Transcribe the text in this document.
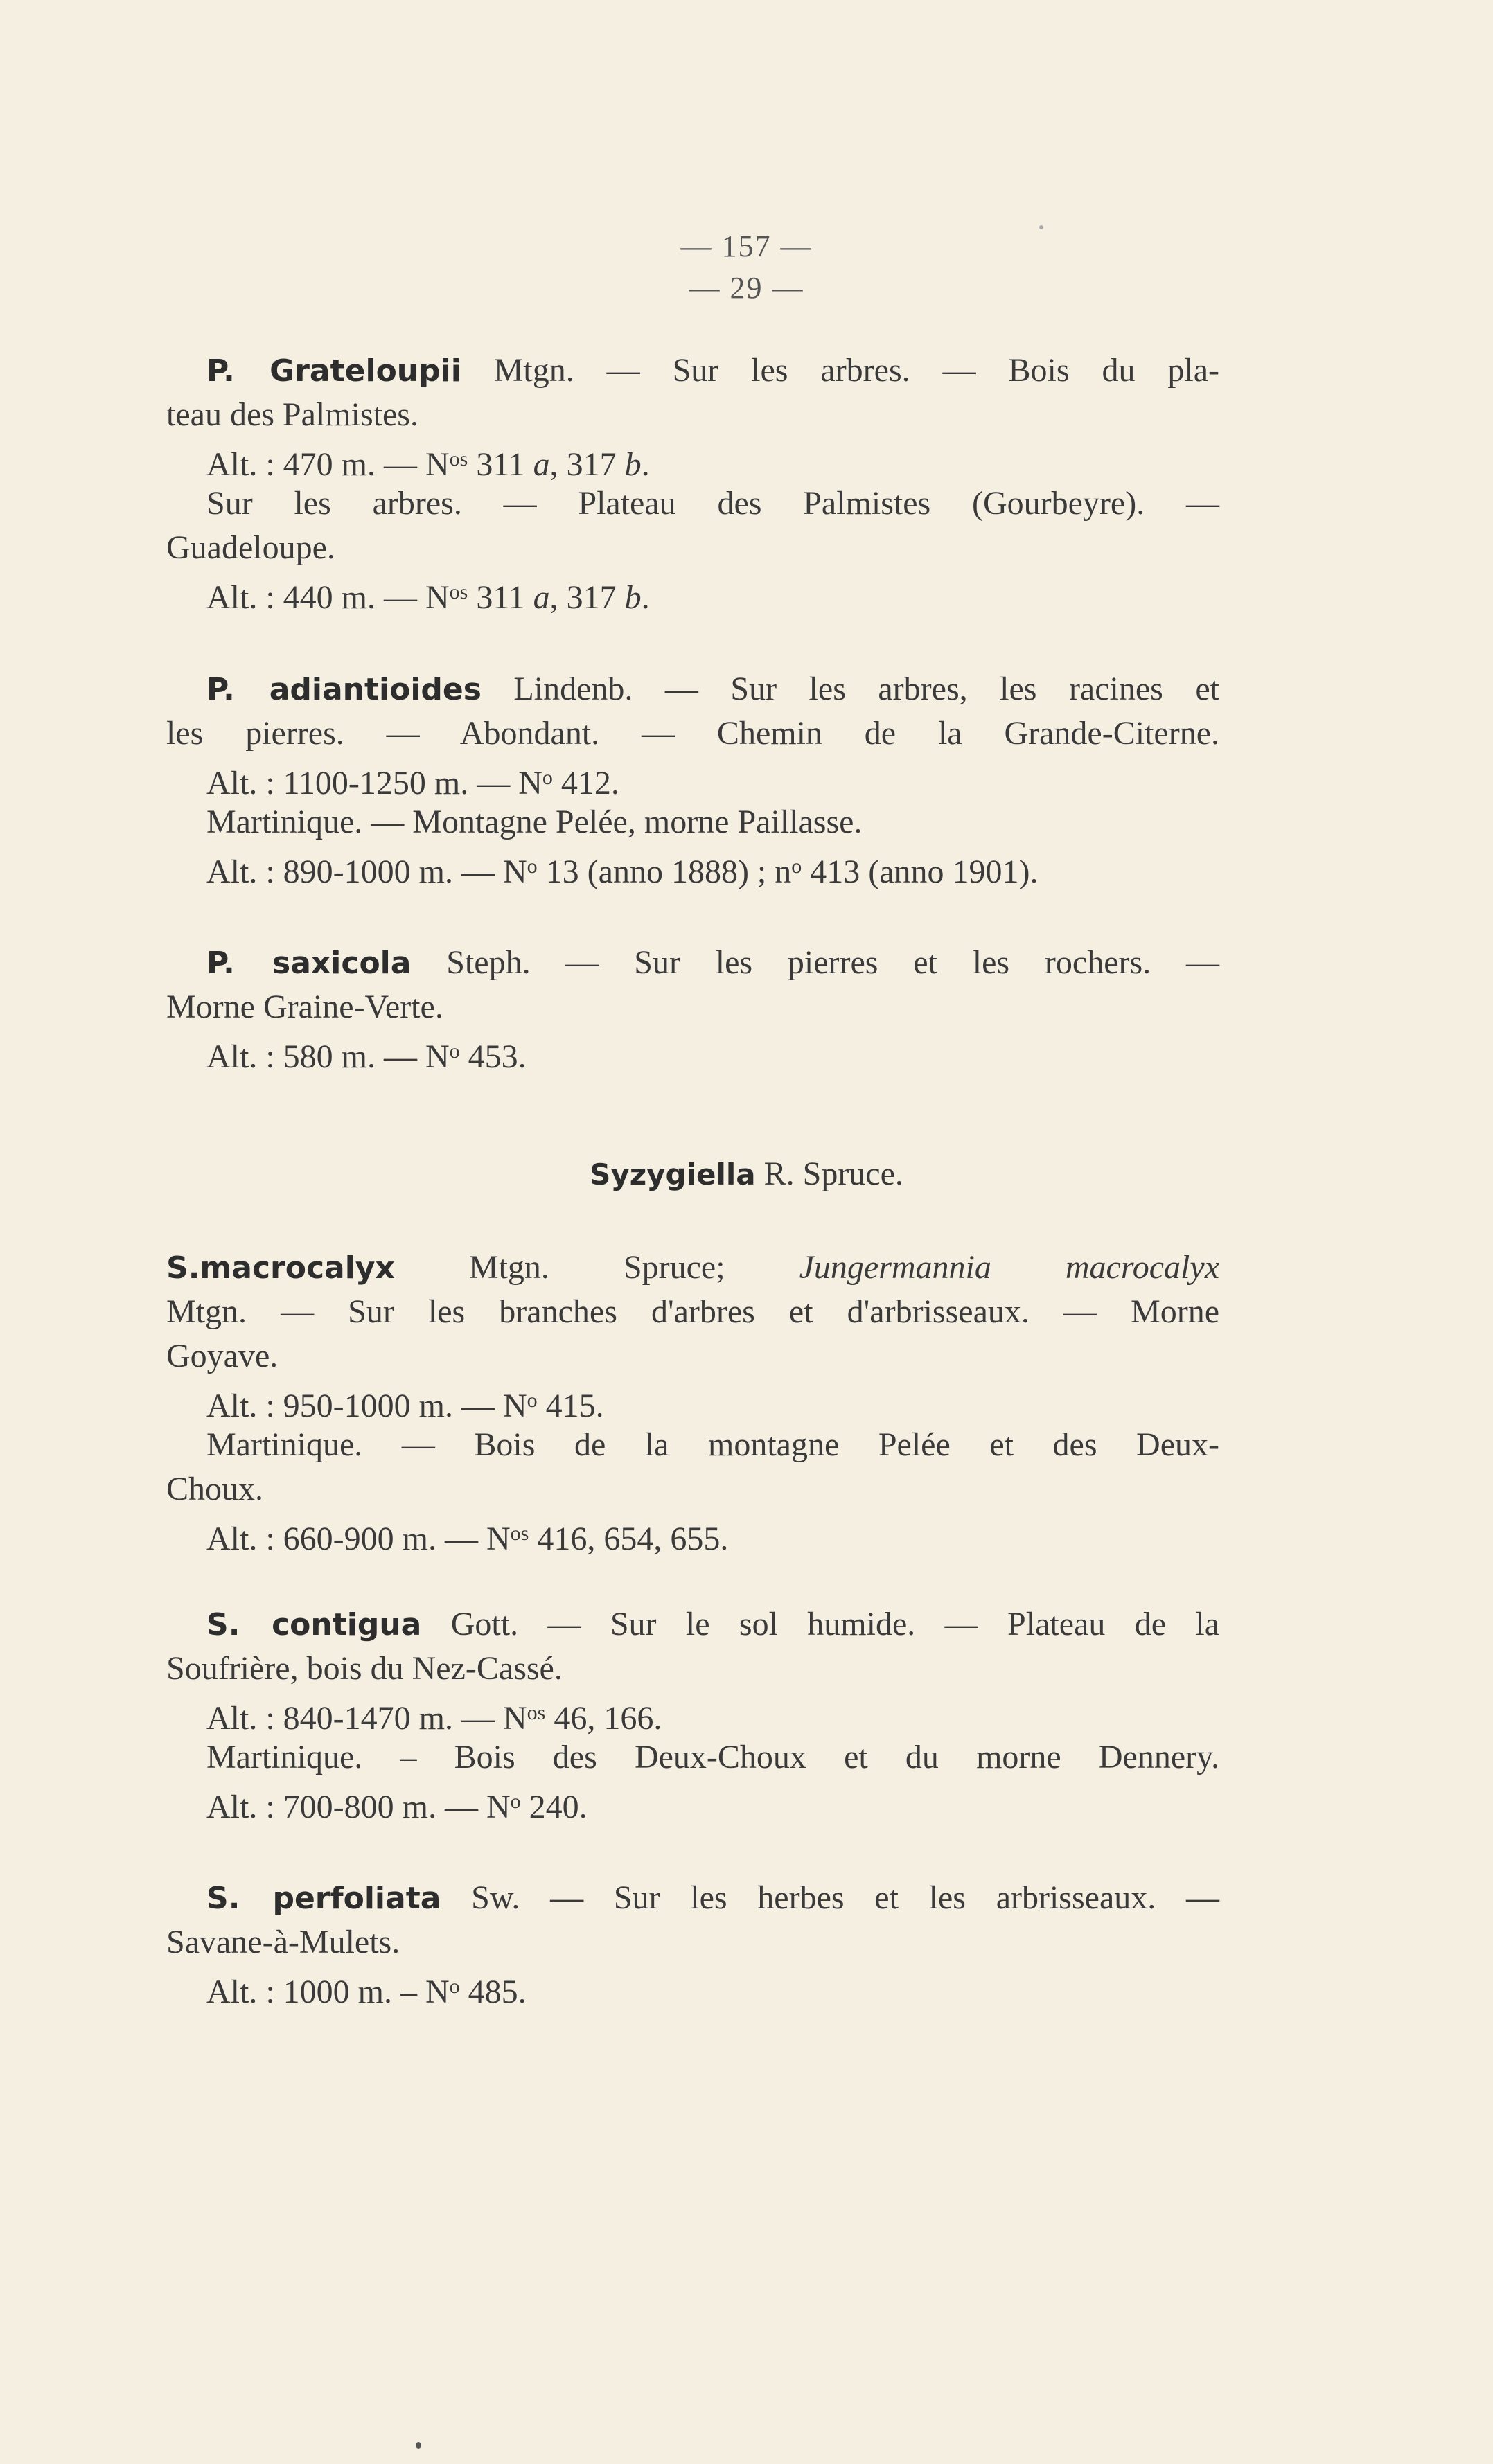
— 157 —
— 29 —
P. Grateloupii Mtgn. — Sur les arbres. — Bois du pla-
teau des Palmistes.
Alt. : 470 m. — $N^{os}$ 311 a, 317 b.
Sur les arbres. — Plateau des Palmistes (Gourbeyre). —
Guadeloupe.
Alt. : 440 m. — $N^{os}$ 311 a, 317 b.
P. adiantioides Lindenb. — Sur les arbres, les racines et
les pierres. — Abondant. — Chemin de la Grande-Citerne.
Alt. : 1100-1250 m. — $N^o$ 412.
Martinique. — Montagne Pelée, morne Paillasse.
Alt. : 890-1000 m. — $N^o$ 13 (anno 1888) ; $n^o$ 413 (anno 1901).
P. saxicola Steph. — Sur les pierres et les rochers. —
Morne Graine-Verte.
Alt. : 580 m. — $N^o$ 453.
Syzygiella R. Spruce.
S.macrocalyx Mtgn. Spruce; Jungermannia macrocalyx
Mtgn. — Sur les branches d'arbres et d'arbrisseaux. — Morne
Goyave.
Alt. : 950-1000 m. — $N^o$ 415.
Martinique. — Bois de la montagne Pelée et des Deux-
Choux.
Alt. : 660-900 m. — $N^{os}$ 416, 654, 655.
S. contigua Gott. — Sur le sol humide. — Plateau de la
Soufrière, bois du Nez-Cassé.
Alt. : 840-1470 m. — $N^{os}$ 46, 166.
Martinique. – Bois des Deux-Choux et du morne Dennery.
Alt. : 700-800 m. — $N^o$ 240.
S. perfoliata Sw. — Sur les herbes et les arbrisseaux. —
Savane-à-Mulets.
Alt. : 1000 m. – $N^o$ 485.
